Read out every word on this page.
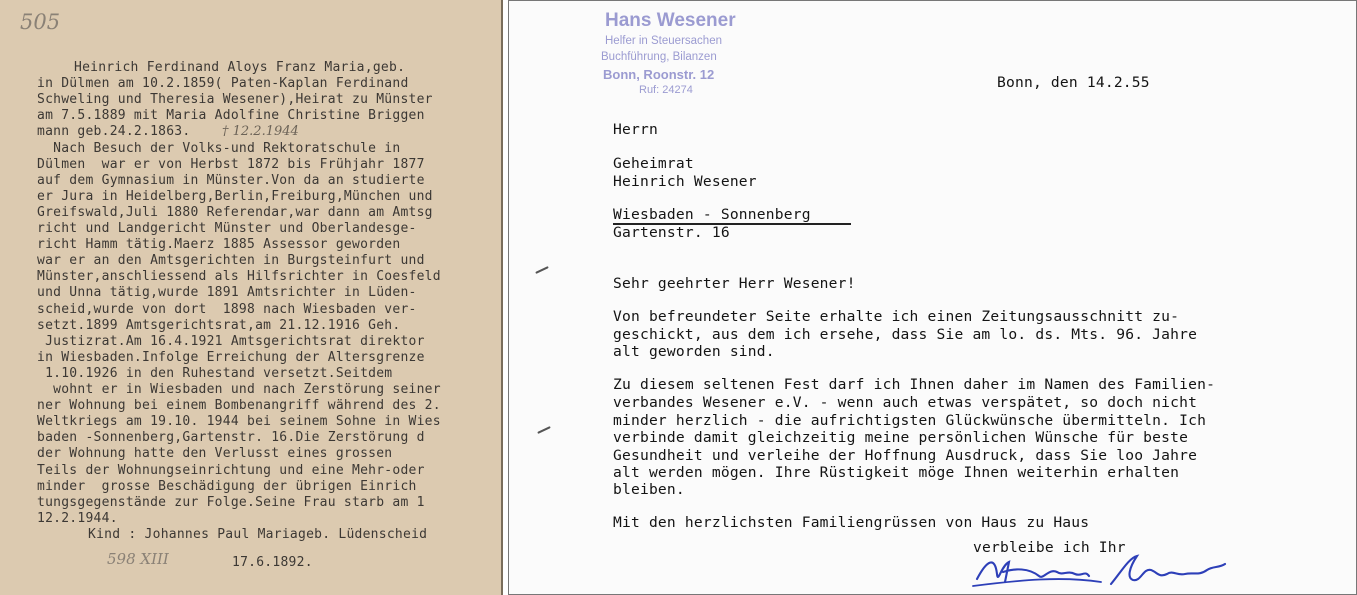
505
Heinrich Ferdinand Aloys Franz Maria,geb.
in Dülmen am 10.2.1859( Paten-Kaplan Ferdinand
Schweling und Theresia Wesener),Heirat zu Münster
am 7.5.1889 mit Maria Adolfine Christine Briggen
mann geb.24.2.1863.
Nach Besuch der Volks-und Rektoratschule in
Dülmen  war er von Herbst 1872 bis Frühjahr 1877
auf dem Gymnasium in Münster.Von da an studierte
er Jura in Heidelberg,Berlin,Freiburg,München und
Greifswald,Juli 1880 Referendar,war dann am Amtsg
richt und Landgericht Münster und Oberlandesge-
richt Hamm tätig.Maerz 1885 Assessor geworden
war er an den Amtsgerichten in Burgsteinfurt und
Münster,anschliessend als Hilfsrichter in Coesfeld
und Unna tätig,wurde 1891 Amtsrichter in Lüden-
scheid,wurde von dort  1898 nach Wiesbaden ver-
setzt.1899 Amtsgerichtsrat,am 21.12.1916 Geh.
Justizrat.Am 16.4.1921 Amtsgerichtsrat direktor
in Wiesbaden.Infolge Erreichung der Altersgrenze
1.10.1926 in den Ruhestand versetzt.Seitdem
wohnt er in Wiesbaden und nach Zerstörung seiner
ner Wohnung bei einem Bombenangriff während des 2.
Weltkriegs am 19.10. 1944 bei seinem Sohne in Wies
baden -Sonnenberg,Gartenstr. 16.Die Zerstörung d
der Wohnung hatte den Verlusst eines grossen
Teils der Wohnungseinrichtung und eine Mehr-oder
minder  grosse Beschädigung der übrigen Einrich
tungsgegenstände zur Folge.Seine Frau starb am 1
12.2.1944.
† 12.2.1944
Kind : Johannes Paul Mariageb. Lüdenscheid
17.6.1892.
598 XIII
Hans Wesener
Helfer in Steuersachen
Buchführung, Bilanzen
Bonn, Roonstr. 12
Ruf: 24274	Bonn, den 14.2.55
Herrn
Geheimrat
Heinrich Wesener
Wiesbaden - Sonnenberg
Gartenstr. 16
Sehr geehrter Herr Wesener!
Von befreundeter Seite erhalte ich einen Zeitungsausschnitt zu-
geschickt, aus dem ich ersehe, dass Sie am lo. ds. Mts. 96. Jahre
alt geworden sind.
Zu diesem seltenen Fest darf ich Ihnen daher im Namen des Familien-
verbandes Wesener e.V. - wenn auch etwas verspätet, so doch nicht
minder herzlich - die aufrichtigsten Glückwünsche übermitteln. Ich
verbinde damit gleichzeitig meine persönlichen Wünsche für beste
Gesundheit und verleihe der Hoffnung Ausdruck, dass Sie loo Jahre
alt werden mögen. Ihre Rüstigkeit möge Ihnen weiterhin erhalten
bleiben.
Mit den herzlichsten Familiengrüssen von Haus zu Haus
verbleibe ich Ihr
